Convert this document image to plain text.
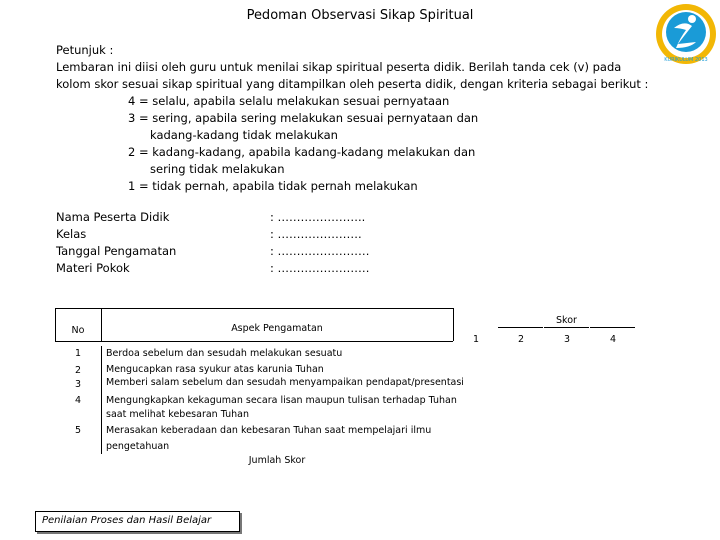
Pedoman Observasi Sikap Spiritual
KURIKULUM 2013
Petunjuk :
Lembaran ini diisi oleh guru untuk menilai sikap spiritual peserta didik. Berilah tanda cek (v) pada
kolom skor sesuai sikap spiritual yang ditampilkan oleh peserta didik, dengan kriteria sebagai berikut :
4 = selalu, apabila selalu melakukan sesuai pernyataan
3 = sering, apabila sering melakukan sesuai pernyataan dan
kadang-kadang tidak melakukan
2 = kadang-kadang, apabila kadang-kadang melakukan dan
sering tidak melakukan
1 = tidak pernah, apabila tidak pernah melakukan
Nama Peserta Didik	: …………………..
Kelas	: ………………….
Tanggal Pengamatan	: ……………………
Materi Pokok	: ……………………
No	Aspek Pengamatan
Skor
1	2	3	4
1	Berdoa sebelum dan sesudah melakukan sesuatu
2	Mengucapkan rasa syukur atas karunia Tuhan
3	Memberi salam sebelum dan sesudah menyampaikan pendapat/presentasi
4	Mengungkapkan kekaguman secara lisan maupun tulisan terhadap Tuhan
saat melihat kebesaran Tuhan
5	Merasakan keberadaan dan kebesaran Tuhan saat mempelajari ilmu
pengetahuan
Jumlah Skor
Penilaian Proses dan Hasil Belajar
